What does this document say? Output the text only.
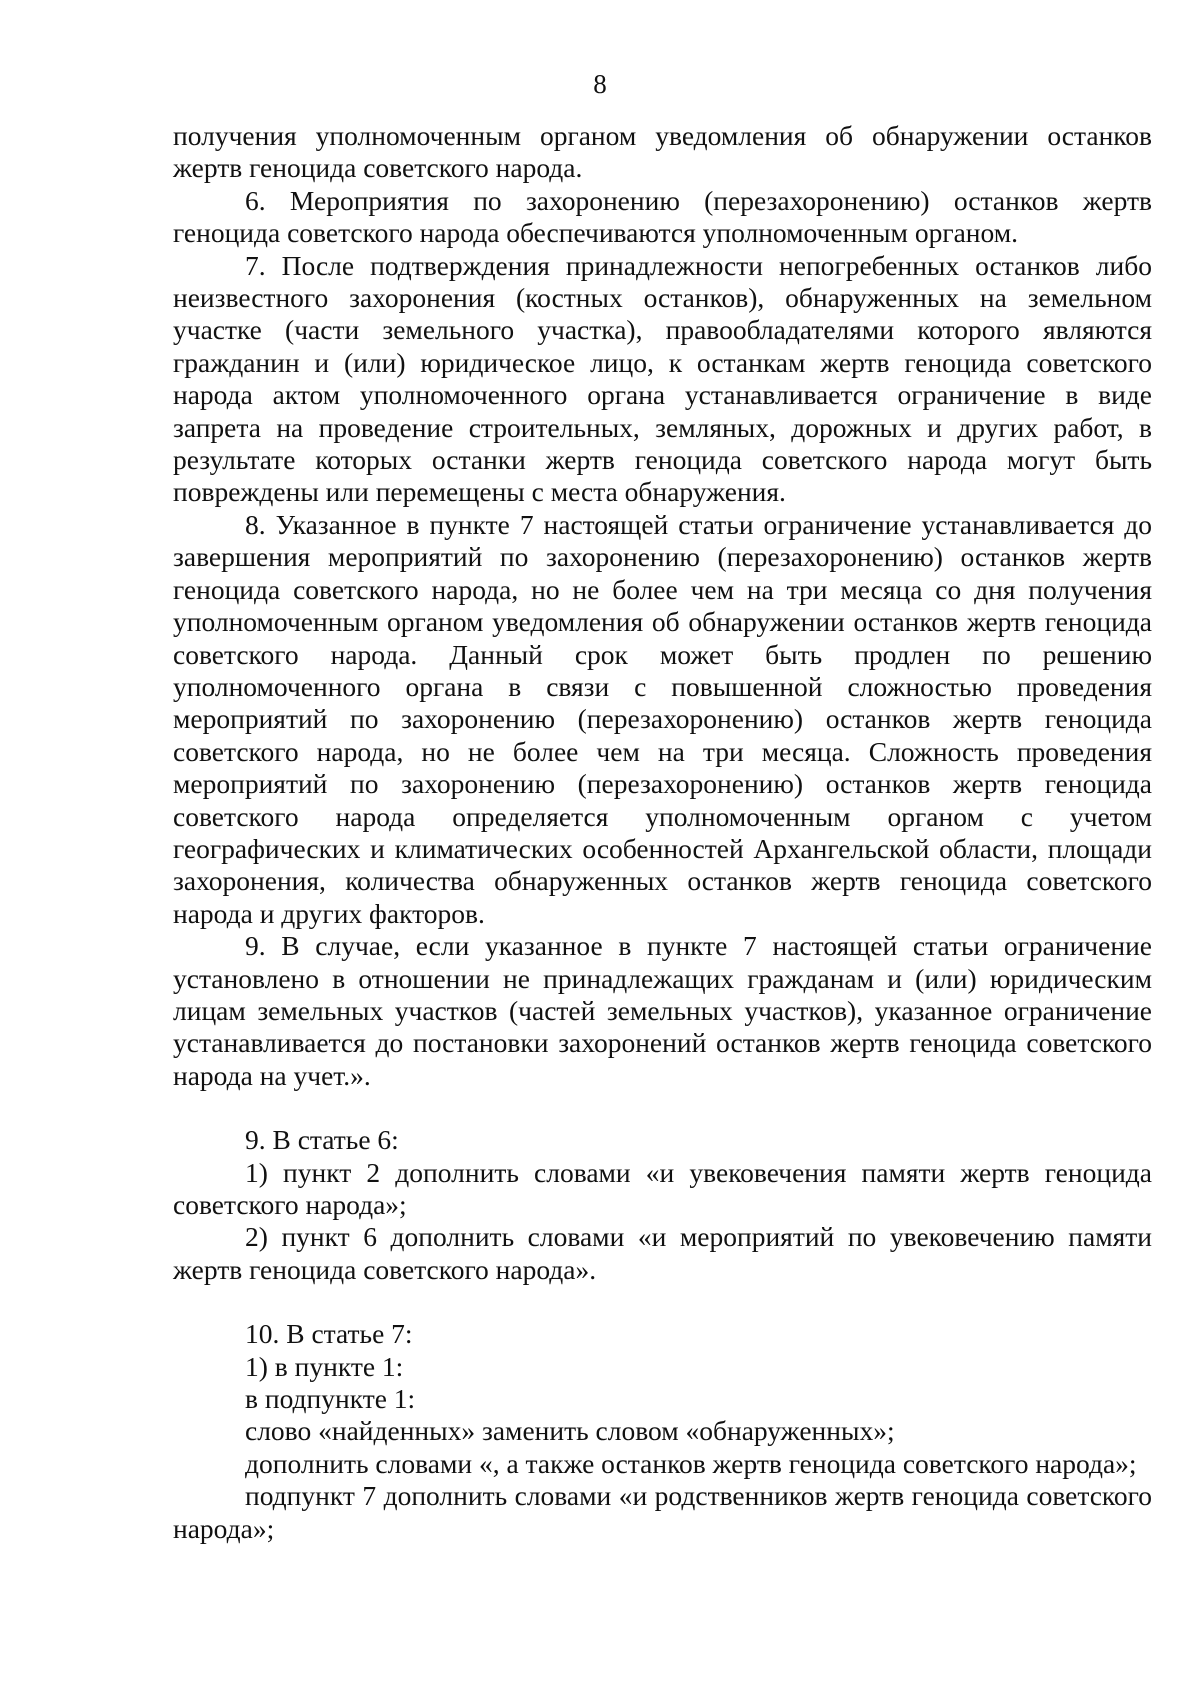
8

получения уполномоченным органом уведомления об обнаружении останков жертв геноцида советского народа.

6. Мероприятия по захоронению (перезахоронению) останков жертв геноцида советского народа обеспечиваются уполномоченным органом.

7. После подтверждения принадлежности непогребенных останков либо неизвестного захоронения (костных останков), обнаруженных на земельном участке (части земельного участка), правообладателями которого являются гражданин и (или) юридическое лицо, к останкам жертв геноцида советского народа актом уполномоченного органа устанавливается ограничение в виде запрета на проведение строительных, земляных, дорожных и других работ, в результате которых останки жертв геноцида советского народа могут быть повреждены или перемещены с места обнаружения.

8. Указанное в пункте 7 настоящей статьи ограничение устанавливается до завершения мероприятий по захоронению (перезахоронению) останков жертв геноцида советского народа, но не более чем на три месяца со дня получения уполномоченным органом уведомления об обнаружении останков жертв геноцида советского народа. Данный срок может быть продлен по решению уполномоченного органа в связи с повышенной сложностью проведения мероприятий по захоронению (перезахоронению) останков жертв геноцида советского народа, но не более чем на три месяца. Сложность проведения мероприятий по захоронению (перезахоронению) останков жертв геноцида советского народа определяется уполномоченным органом с учетом географических и климатических особенностей Архангельской области, площади захоронения, количества обнаруженных останков жертв геноцида советского народа и других факторов.

9. В случае, если указанное в пункте 7 настоящей статьи ограничение установлено в отношении не принадлежащих гражданам и (или) юридическим лицам земельных участков (частей земельных участков), указанное ограничение устанавливается до постановки захоронений останков жертв геноцида советского народа на учет.».

9. В статье 6:

1) пункт 2 дополнить словами «и увековечения памяти жертв геноцида советского народа»;

2) пункт 6 дополнить словами «и мероприятий по увековечению памяти жертв геноцида советского народа».

10. В статье 7:

1) в пункте 1:

в подпункте 1:

слово «найденных» заменить словом «обнаруженных»;

дополнить словами «, а также останков жертв геноцида советского народа»;

подпункт 7 дополнить словами «и родственников жертв геноцида советского народа»;
